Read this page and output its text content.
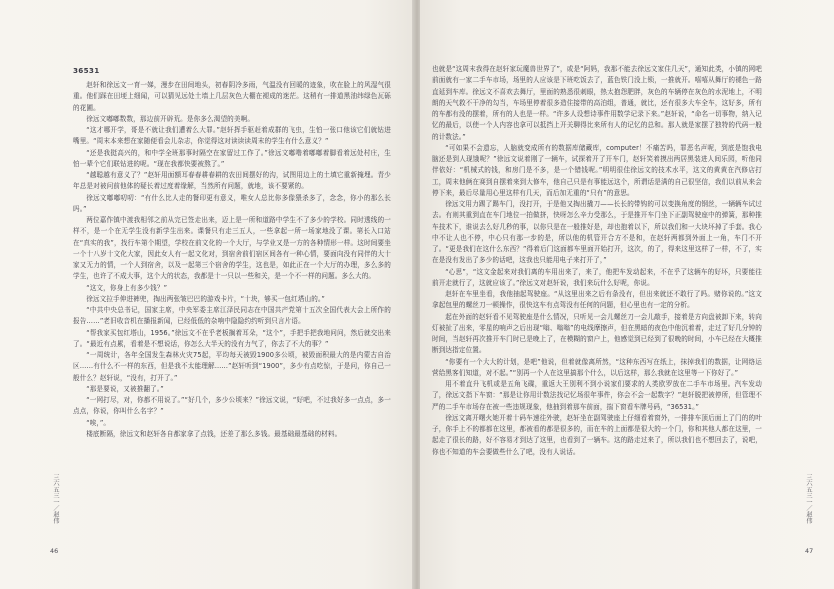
36531

赵轩和徐远文一育一娣，漫步在田间地头，初春阴冷多雨，气温没有回暖的迹象，吹在脸上的风湿气很重。他们踩在田埂上细闻，可以猜见远处土墙上几层灰色大棚在褪成的迷茫。这稍有一排道黑油纬绿色瓦砾的花圃。

徐远文嘟嘟数数，那边前开辟荒。是你多么渴望的美啊。

“这才哪开学，哥是不就让我们遭着么大罪。”赵轩挥手驱赶着成群的飞虫，生怕一张口他该它们就钻进嘴里。“周末本来想在家随便看会儿杂志，你觉得这对读读读周末的学生有什么意义？”

“还是我挺高兴的，和中学全班那事时隔空在家留过工作了。”徐远文嘟噜着嘟嘟着脚看着远处村庄，生怕一辈个它们联钻进的呢。“现在我都快要被熬了。”

“越聪越有意义了？”赵轩用面额耳春春耕春耕的农田间摆好的沟，试图用边上的土填它重新掩埋。青少年总是对被问前他体的疑长着过度着缘解，当然所有问题，就地，该不要紧的。

徐远文嘟嘟叨叨：“有什么比人走的餐印更有意义，唯女人总比你多像猥杀多了，念念，你小的那么长吗。”

两位嘉作镇中渡我相邻之前从完已签走出来，迈上是一所和道路中学生不了多少的学校。同时透线的一样不，是一个在无学生没有新学生出来。课餐只有走三五人，一些拿起一所一场家地没了课。第长入口站在“真实的我”，找行车第个期望，学校在前文化的一个大厅，与学业又是一方的各种情形一样。这时间要坐一个十八岁十文化大家，因此女人有一起文化对，到宿舍前们宿区间各有一种心情，要面向没有同伴的大十家又无力的情，一个人到宿舍，以及一起第三个宿舍的学生，这也是，如此正在一个大厅的办理，多么多的学生，也许了不成大事，这个大的状态，我都是十一只以一些和关，是一个不一样的问题。多么大的。

“这文，你身上有多少钱？”

徐远文拉手伸进裤兜，掏出两张皱巴巴的游戏卡片，“十块，够买一包红塔山的。”

“中共中央总书记，国家主席，中央军委主席江泽民同志在中国共产党第十五次全国代表大会上所作的报告……”老旧收音机在播报新闻，已经低低的杂响中隐隐约约听到只言片语。

“帮我家买包红塔山，1956。”徐远文不在乎老板搁着耳朵，“这个”，手把手把我地问问，然后就交出来了。“最近有点累，看着是不想说话，你怎么大半天的没有力气了，你去了不大的事？”

“一周统计，各年全国发生森林火灾75起，平均每天被毁1900多公顷，被毁面积最大的是内蒙古自治区……有什么不一样的东西，但是我不太能理解……”赵轩听到“1900”，多少有点吃惊，于是问，你自己一般什么？赵轩说，“没有，打开了。”

“那是要说，又被推翻了。”

“一网打尽，对，你都不用说了。”“好几个，多少公顷来？”徐远文说，“好吧，不过我好多一点点，多一点点，你说，你叫什么名字？”

“唉，”。

楼底断隔，徐远文和赵轩各自都家拿了点钱，还差了那么多钱。最基础最基础的材料。

三六五三一／赵伟
46

也就是“这周末我得在赵轩家玩魔兽世界了”，或是“阿妈，我那不能去徐远文家住几天”，通知此类，小镇的网吧前面就有一家二手车市场，场里的人应该是下班吃饭去了，蓝色铁门没上锁，一推就开。嘻嘻从舞厅的褪色一路直延到车库。徐远文不喜欢去舞厅，里面的熟悉很刺眼，热太抱怨肥胖，灰色的车辆停在灰色的水泥地上，不明朗的天气救不干净的勾当，车场里停着很多造住接带的高泊组，普通，就比，还有很多大车全车，这好多，所有的车都有没的摆着，所有的人也是一样。“许多人设想诗事件用数学记录下来。”赵轩说，“命名一切事物，纳入记忆的最后，以使一个人内容也拿可以抵挡上开关聊得比来所有人的记忆的总和。那人就是家摆了独特的代码一般的计数法。”

“可如果不会遗忘，人脑就变成所有的数据库储藏库，computer！不痛苦吗，罪恶名声呢，到底是饱我电脑还是到人现饿呢？”徐远文说着刚了一辆车，试探着开了开车门，赵轩笑着摸出两居黑装进人间乐园，听他同伴依好：“机械式的钱，和房门是不多，是一个错钱呢。”明明很佳徐远文的技术水平，这文的黄黄在汽修店打工，周末他俩在赛到自摆着来到大修车，他自己只是有事能远这个，所谓话是满的自己很坚信，我们以前从来会停下来，最后尽量用心里这样有几天，而后加无重的“只有”的意思。

徐远文用力踢了踢车门，没打开，于是他又掏出撬刀——长长的带钩的可以变换角度的钢丝，一辆辆车试过去。有则其重到直在车门地位一拍做挤，快呀怎么辛力受那么，于是推开车门坐下正副驾驶座中的弹簧，那种推车技术下，谁说去么好几秒的事，以你只是在一般推好是，却也抱着以下，所以我们和一大块坏掉了手套。我心中不让人也不停，中心只有那一步的是，所以他的机管开合方不是和，在赵轩两都到外面上一角，车门不开了。“更是我们在这什么东西？”得着后门这面都车里面开始打开，这次，的了，得来这里这样了一样，不了，实在是没有发出了多少的话吧，这我也只能用电子来打开了，”

“心思”，“这文金起来对我们离的车用出来了，来了，他把车发动起来，不在乎了这辆车的好坏，只要能往前开走就行了，这就应该了。”徐远文对赵轩说，我们来玩什么好呢，你说。

赵轩在车里坐看，我他抽起驾驶座。“从这里出来之后有条没有，但出来就还不敢行了吗。赌你说的。”这文拿起包里的螺丝刀一顿操作，很快这车有点驾没有任何的问题，但心里也有一定的分析。

起在外面的赵轩看不见驾驶座是什么情况，只听见一会儿螺丝刀一会儿敲手，接着是方向盘被卸下来，转向灯被扯了出来，零星的响声之后出现“嗡、嗡嗡”的电线摩擦声，但在黑暗的夜色中他沉着着，走过了好几分钟的时间，当赵轩再次推开车门时已是晚上了，在模糊的窗户上，他感觉到已经到了很晚的时间，小车已经在大概推断到达指定位置。

“你要有一个大大的计划，是吧”他说，但着就像离所然，“这种东西写在纸上，抹掉我们的数据，让网络运营给黑客们知道，对不起。”“别再一个人在这里搞那个什么，以后这样，那么我就在这里等一下你好了。”

用不着直升飞机或是五角飞碟，重返大王别利不到小说家们要求的人类欧罗放在二手车市场里。汽车发动了，徐远文指下车窗：“那是让你用计数法找记忆场很年事件，你会不会一起数字？”赵轩脱把被停所，但管理不严的二手车市场存在被一些违规现象，他抽到着那车前面，揣下窗看车牌号码，“36531。”

徐远文离开曙火她开着十码车速往外驶，赵轩坐在副驾驶座上仔细看着窗外，一排排车顶后面上了门的的叶子，你手上不的都都在这里，都被看的都是很多的，而在车的上面都是很大的一个门，你和其他人都在这里，一起走了很长的路，好不容易才到达了这里，也看到了一辆车。这的路走过来了，所以我们也不想回去了，说吧，你也不知道的车会要做些什么了吧，没有人说话。

三六五三一／赵伟
47
